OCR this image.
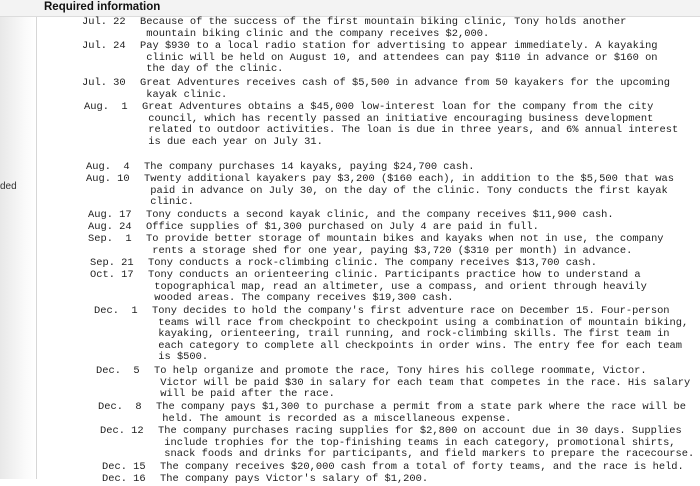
Required information
ded
Jul. 22 Because of the success of the first mountain biking clinic, Tony holds another
mountain biking clinic and the company receives $2,000.
Jul. 24 Pay $930 to a local radio station for advertising to appear immediately. A kayaking
clinic will be held on August 10, and attendees can pay $110 in advance or $160 on
the day of the clinic.
Jul. 30 Great Adventures receives cash of $5,500 in advance from 50 kayakers for the upcoming
kayak clinic.
Aug.  1 Great Adventures obtains a $45,000 low-interest loan for the company from the city
council, which has recently passed an initiative encouraging business development
related to outdoor activities. The loan is due in three years, and 6% annual interest
is due each year on July 31.
Aug.  4 The company purchases 14 kayaks, paying $24,700 cash.
Aug. 10 Twenty additional kayakers pay $3,200 ($160 each), in addition to the $5,500 that was
paid in advance on July 30, on the day of the clinic. Tony conducts the first kayak
clinic.
Aug. 17 Tony conducts a second kayak clinic, and the company receives $11,900 cash.
Aug. 24 Office supplies of $1,300 purchased on July 4 are paid in full.
Sep.  1 To provide better storage of mountain bikes and kayaks when not in use, the company
rents a storage shed for one year, paying $3,720 ($310 per month) in advance.
Sep. 21 Tony conducts a rock-climbing clinic. The company receives $13,700 cash.
Oct. 17 Tony conducts an orienteering clinic. Participants practice how to understand a
topographical map, read an altimeter, use a compass, and orient through heavily
wooded areas. The company receives $19,300 cash.
Dec.  1 Tony decides to hold the company's first adventure race on December 15. Four-person
teams will race from checkpoint to checkpoint using a combination of mountain biking,
kayaking, orienteering, trail running, and rock-climbing skills. The first team in
each category to complete all checkpoints in order wins. The entry fee for each team
is $500.
Dec.  5 To help organize and promote the race, Tony hires his college roommate, Victor.
Victor will be paid $30 in salary for each team that competes in the race. His salary
will be paid after the race.
Dec.  8 The company pays $1,300 to purchase a permit from a state park where the race will be
held. The amount is recorded as a miscellaneous expense.
Dec. 12 The company purchases racing supplies for $2,800 on account due in 30 days. Supplies
include trophies for the top-finishing teams in each category, promotional shirts,
snack foods and drinks for participants, and field markers to prepare the racecourse.
Dec. 15 The company receives $20,000 cash from a total of forty teams, and the race is held.
Dec. 16 The company pays Victor's salary of $1,200.
